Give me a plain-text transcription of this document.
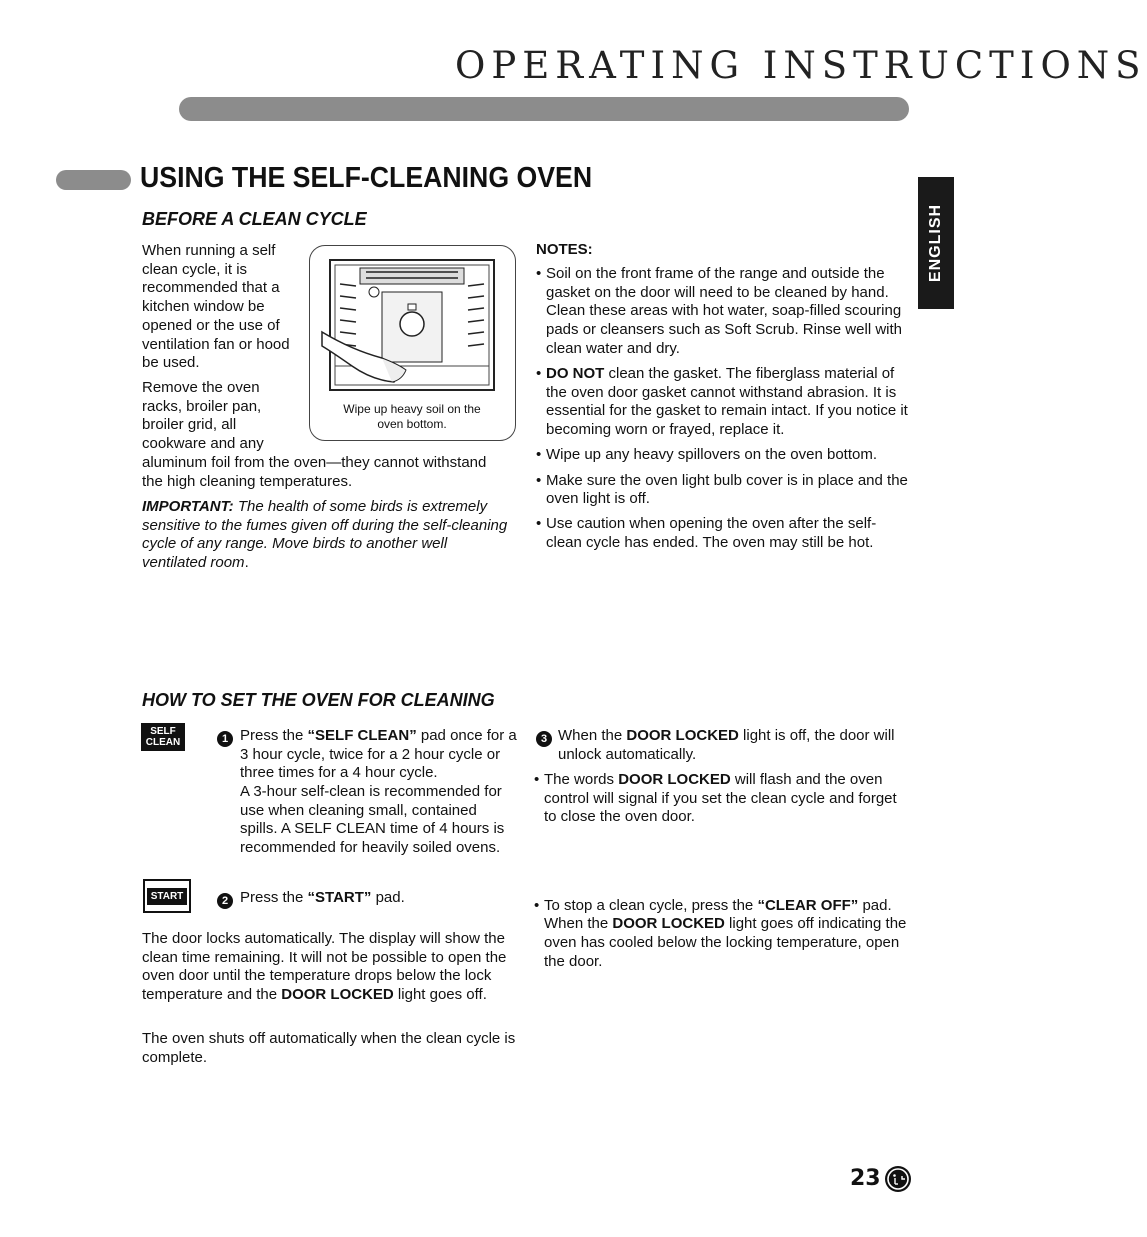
OPERATING INSTRUCTIONS
USING THE SELF-CLEANING OVEN
ENGLISH
BEFORE A CLEAN CYCLE
When running a self
clean cycle, it is
recommended that a
kitchen window be
opened or the use of
ventilation fan or hood
be used.
Remove the oven
racks, broiler pan,
broiler grid, all
cookware and any
aluminum foil from the oven—they cannot withstand
the high cleaning temperatures.
IMPORTANT: The health of some birds is extremely sensitive to the fumes given off during the self-cleaning cycle of any range. Move birds to another well ventilated room.
Wipe up heavy soil on the
oven bottom.
NOTES:
• Soil on the front frame of the range and outside the gasket on the door will need to be cleaned by hand. Clean these areas with hot water, soap-filled scouring pads or cleansers such as Soft Scrub. Rinse well with clean water and dry.
• DO NOT clean the gasket. The fiberglass material of the oven door gasket cannot withstand abrasion. It is essential for the gasket to remain intact. If you notice it becoming worn or frayed, replace it.
• Wipe up any heavy spillovers on the oven bottom.
• Make sure the oven light bulb cover is in place and the oven light is off.
• Use caution when opening the oven after the self-clean cycle has ended. The oven may still be hot.
HOW TO SET THE OVEN FOR CLEANING
SELF
CLEAN	1 Press the “SELF CLEAN” pad once for a 3 hour cycle, twice for a 2 hour cycle or three times for a 4 hour cycle.
A 3-hour self-clean is recommended for use when cleaning small, contained spills. A SELF CLEAN time of 4 hours is recommended for heavily soiled ovens.
START	2 Press the “START” pad.
The door locks automatically. The display will show the clean time remaining. It will not be possible to open the oven door until the temperature drops below the lock temperature and the DOOR LOCKED light goes off.
The oven shuts off automatically when the clean cycle is complete.
3 When the DOOR LOCKED light is off, the door will unlock automatically.
• The words DOOR LOCKED will flash and the oven control will signal if you set the clean cycle and forget to close the oven door.
• To stop a clean cycle, press the “CLEAR OFF” pad. When the DOOR LOCKED light goes off indicating the oven has cooled below the locking temperature, open the door.
23
